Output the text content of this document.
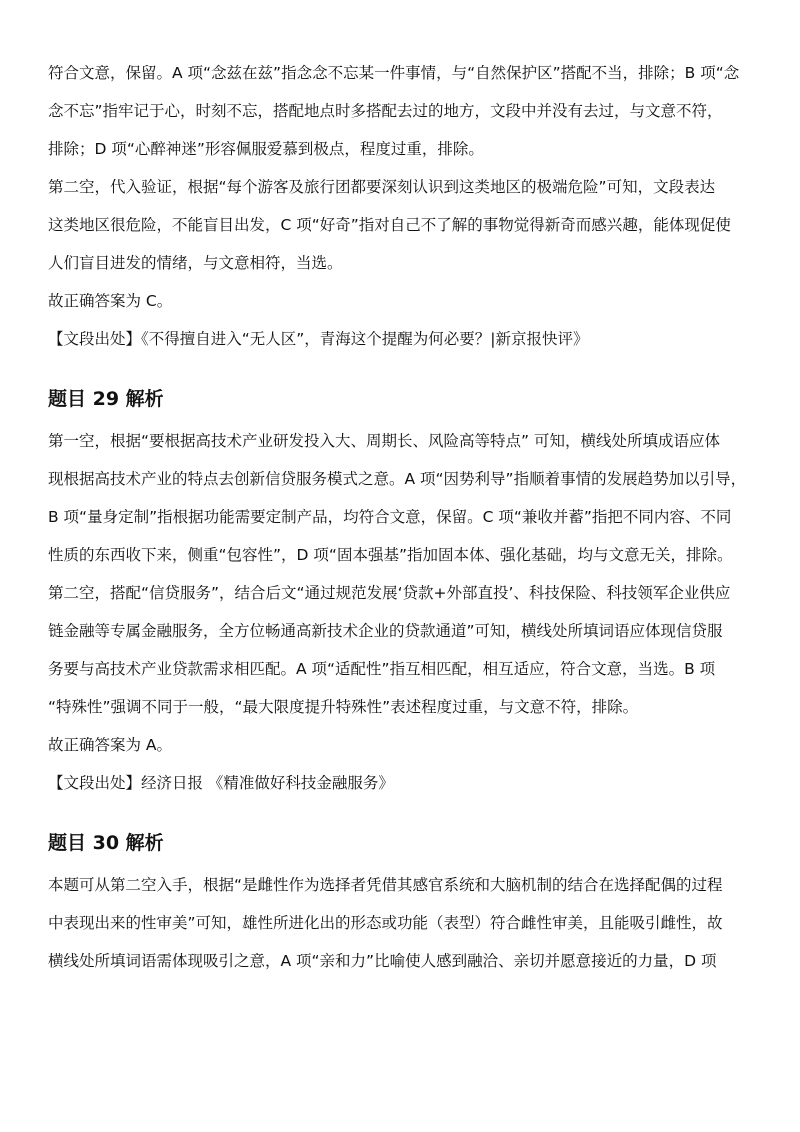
符合文意，保留。A 项“念兹在兹”指念念不忘某一件事情，与“自然保护区”搭配不当，排除；B 项“念

念不忘”指牢记于心，时刻不忘，搭配地点时多搭配去过的地方，文段中并没有去过，与文意不符，

排除；D 项“心醉神迷”形容佩服爱慕到极点，程度过重，排除。

第二空，代入验证，根据“每个游客及旅行团都要深刻认识到这类地区的极端危险”可知，文段表达

这类地区很危险，不能盲目出发，C 项“好奇”指对自己不了解的事物觉得新奇而感兴趣，能体现促使

人们盲目进发的情绪，与文意相符，当选。

故正确答案为 C。

【文段出处】《不得擅自进入“无人区”，青海这个提醒为何必要？|新京报快评》

题目 29 解析

第一空，根据“要根据高技术产业研发投入大、周期长、风险高等特点” 可知，横线处所填成语应体

现根据高技术产业的特点去创新信贷服务模式之意。A 项“因势利导”指顺着事情的发展趋势加以引导，

B 项“量身定制”指根据功能需要定制产品，均符合文意，保留。C 项“兼收并蓄”指把不同内容、不同

性质的东西收下来，侧重“包容性”，D 项“固本强基”指加固本体、强化基础，均与文意无关，排除。

第二空，搭配“信贷服务”，结合后文“通过规范发展‘贷款+外部直投’、科技保险、科技领军企业供应

链金融等专属金融服务，全方位畅通高新技术企业的贷款通道”可知，横线处所填词语应体现信贷服

务要与高技术产业贷款需求相匹配。A 项“适配性”指互相匹配，相互适应，符合文意，当选。B 项

“特殊性”强调不同于一般，“最大限度提升特殊性”表述程度过重，与文意不符，排除。

故正确答案为 A。

【文段出处】经济日报 《精准做好科技金融服务》

题目 30 解析

本题可从第二空入手，根据“是雌性作为选择者凭借其感官系统和大脑机制的结合在选择配偶的过程

中表现出来的性审美”可知，雄性所进化出的形态或功能（表型）符合雌性审美，且能吸引雌性，故

横线处所填词语需体现吸引之意，A 项“亲和力”比喻使人感到融洽、亲切并愿意接近的力量，D 项
